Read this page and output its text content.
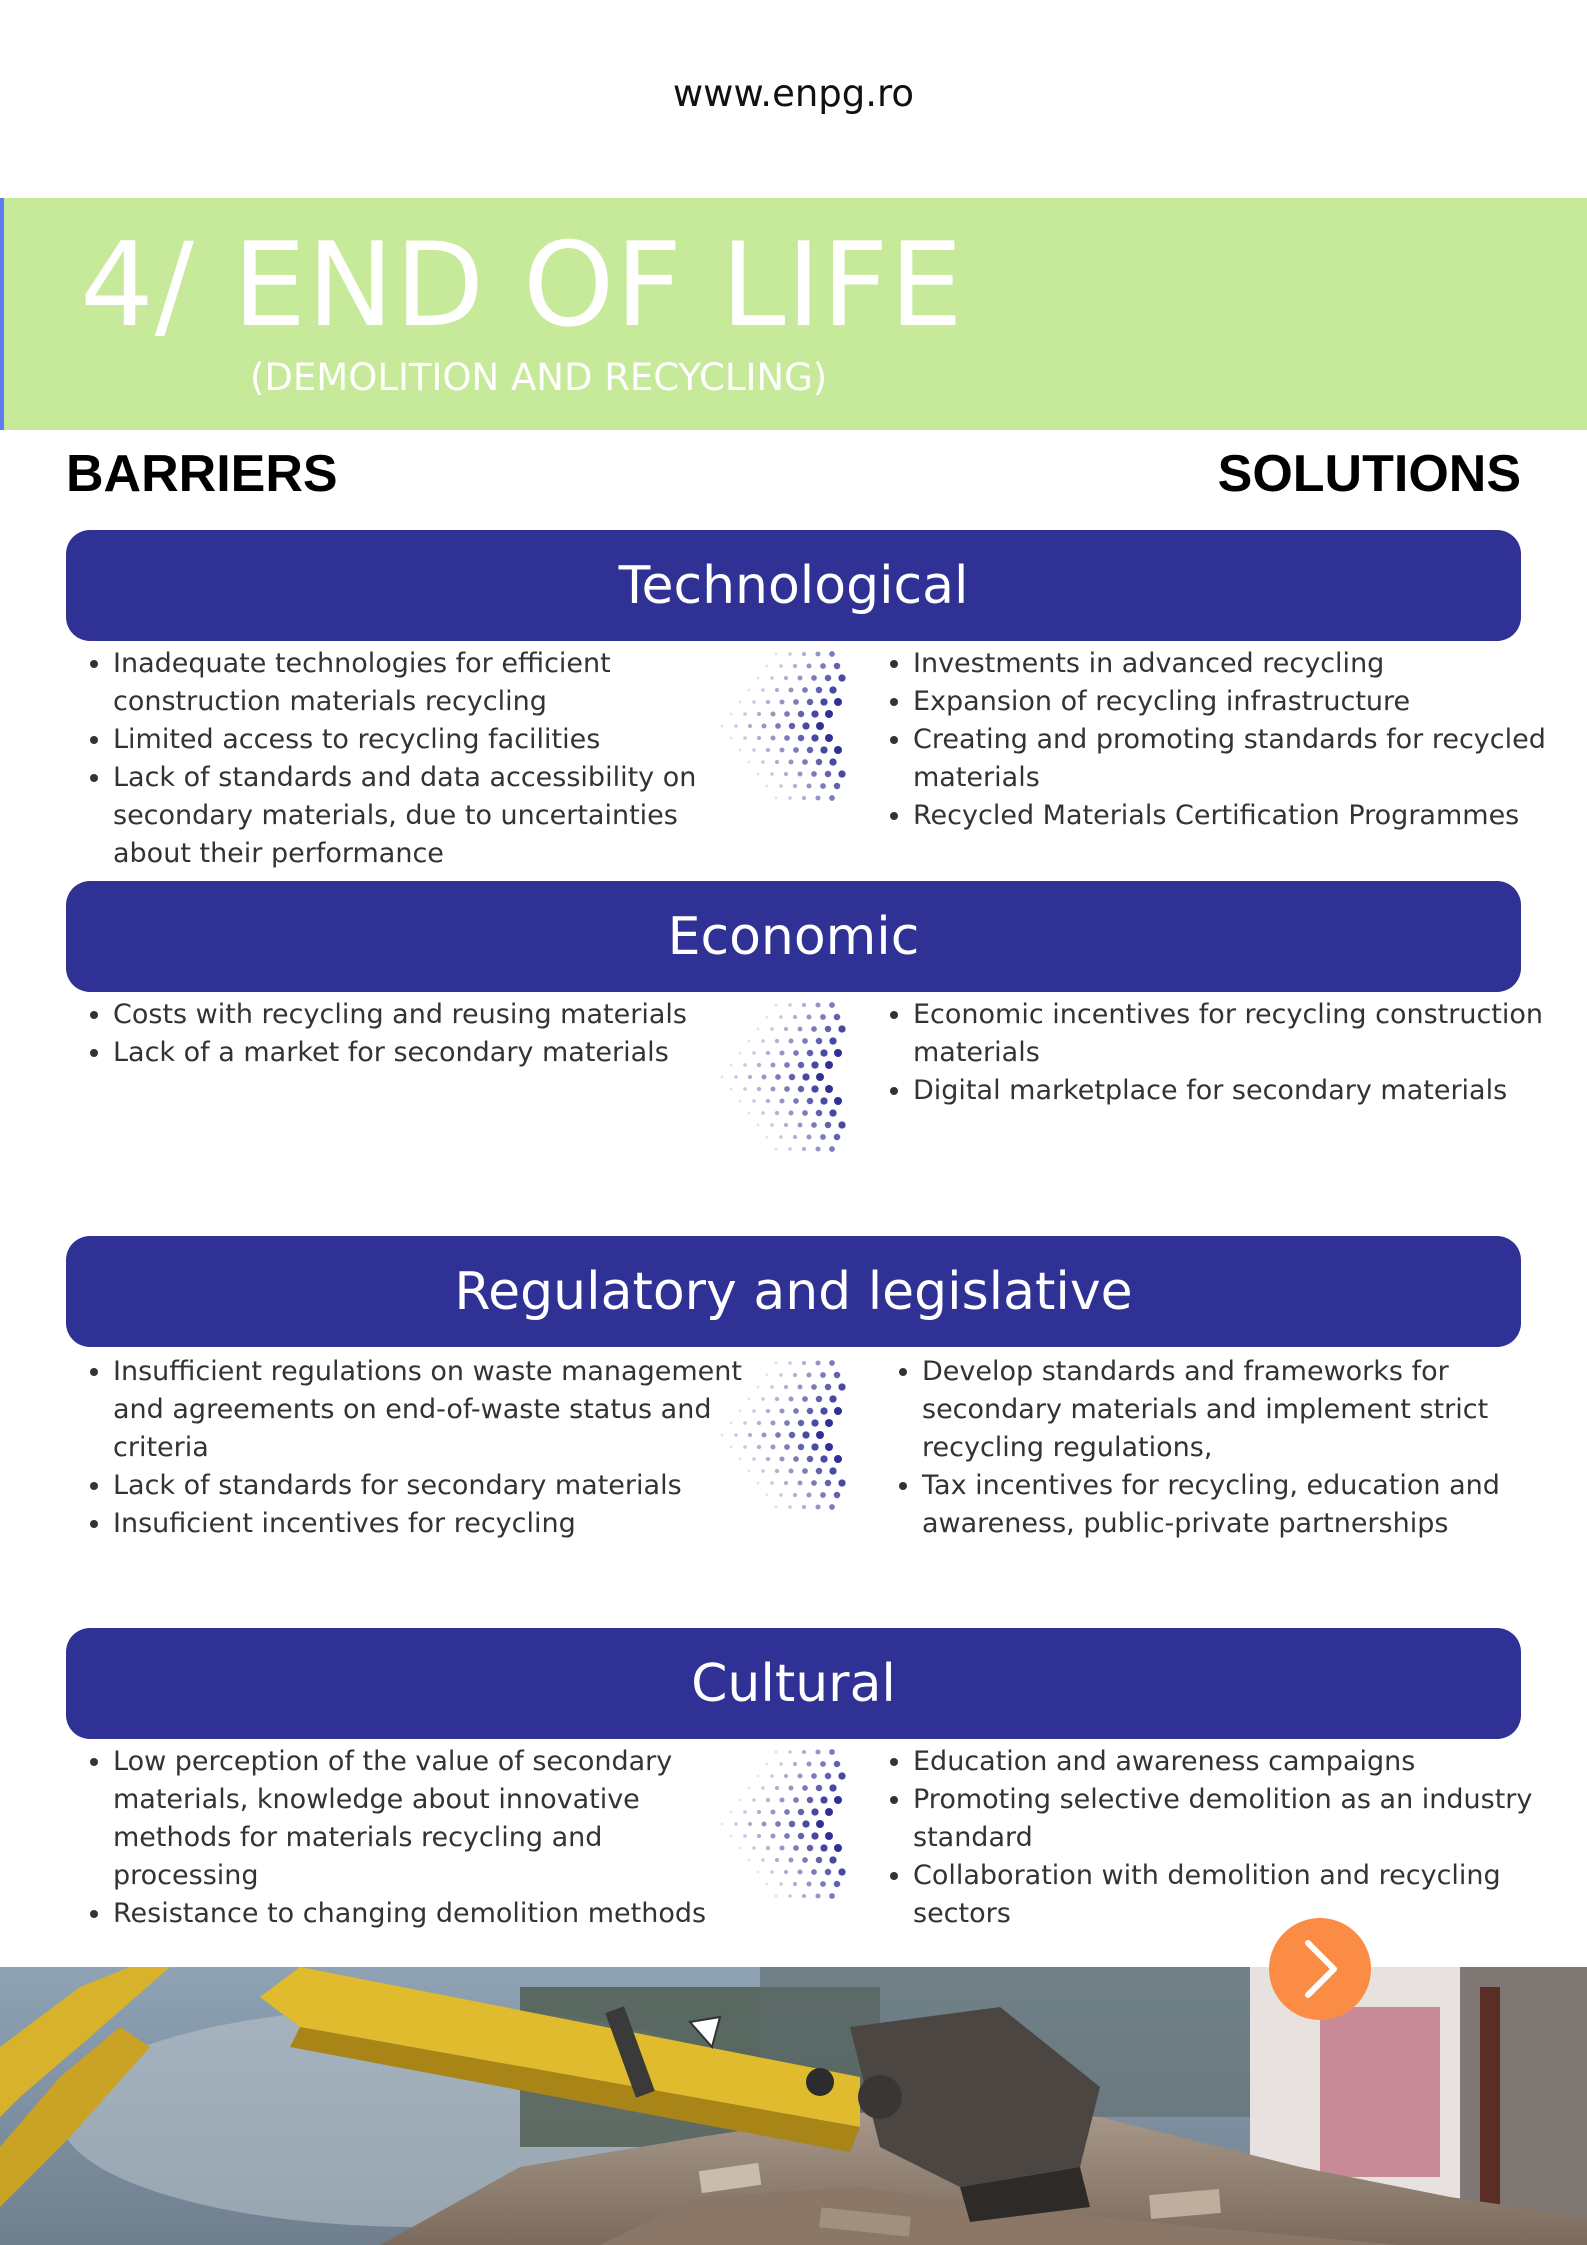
www.enpg.ro
4/ END OF LIFE
(DEMOLITION AND RECYCLING)
BARRIERS	SOLUTIONS
Technological
• Inadequate technologies for efficient construction materials recycling
• Limited access to recycling facilities
• Lack of standards and data accessibility on secondary materials, due to uncertainties about their performance
• Investments in advanced recycling
• Expansion of recycling infrastructure
• Creating and promoting standards for recycled materials
• Recycled Materials Certification Programmes
Economic
• Costs with recycling and reusing materials
• Lack of a market for secondary materials
• Economic incentives for recycling construction materials
• Digital marketplace for secondary materials
Regulatory and legislative
• Insufficient regulations on waste management and agreements on end-of-waste status and criteria
• Lack of standards for secondary materials
• Insuficient incentives for recycling
• Develop standards and frameworks for secondary materials and implement strict recycling regulations,
• Tax incentives for recycling, education and awareness, public-private partnerships
Cultural
• Low perception of the value of secondary materials, knowledge about innovative methods for materials recycling and processing
• Resistance to changing demolition methods
• Education and awareness campaigns
• Promoting selective demolition as an industry standard
• Collaboration with demolition and recycling sectors
